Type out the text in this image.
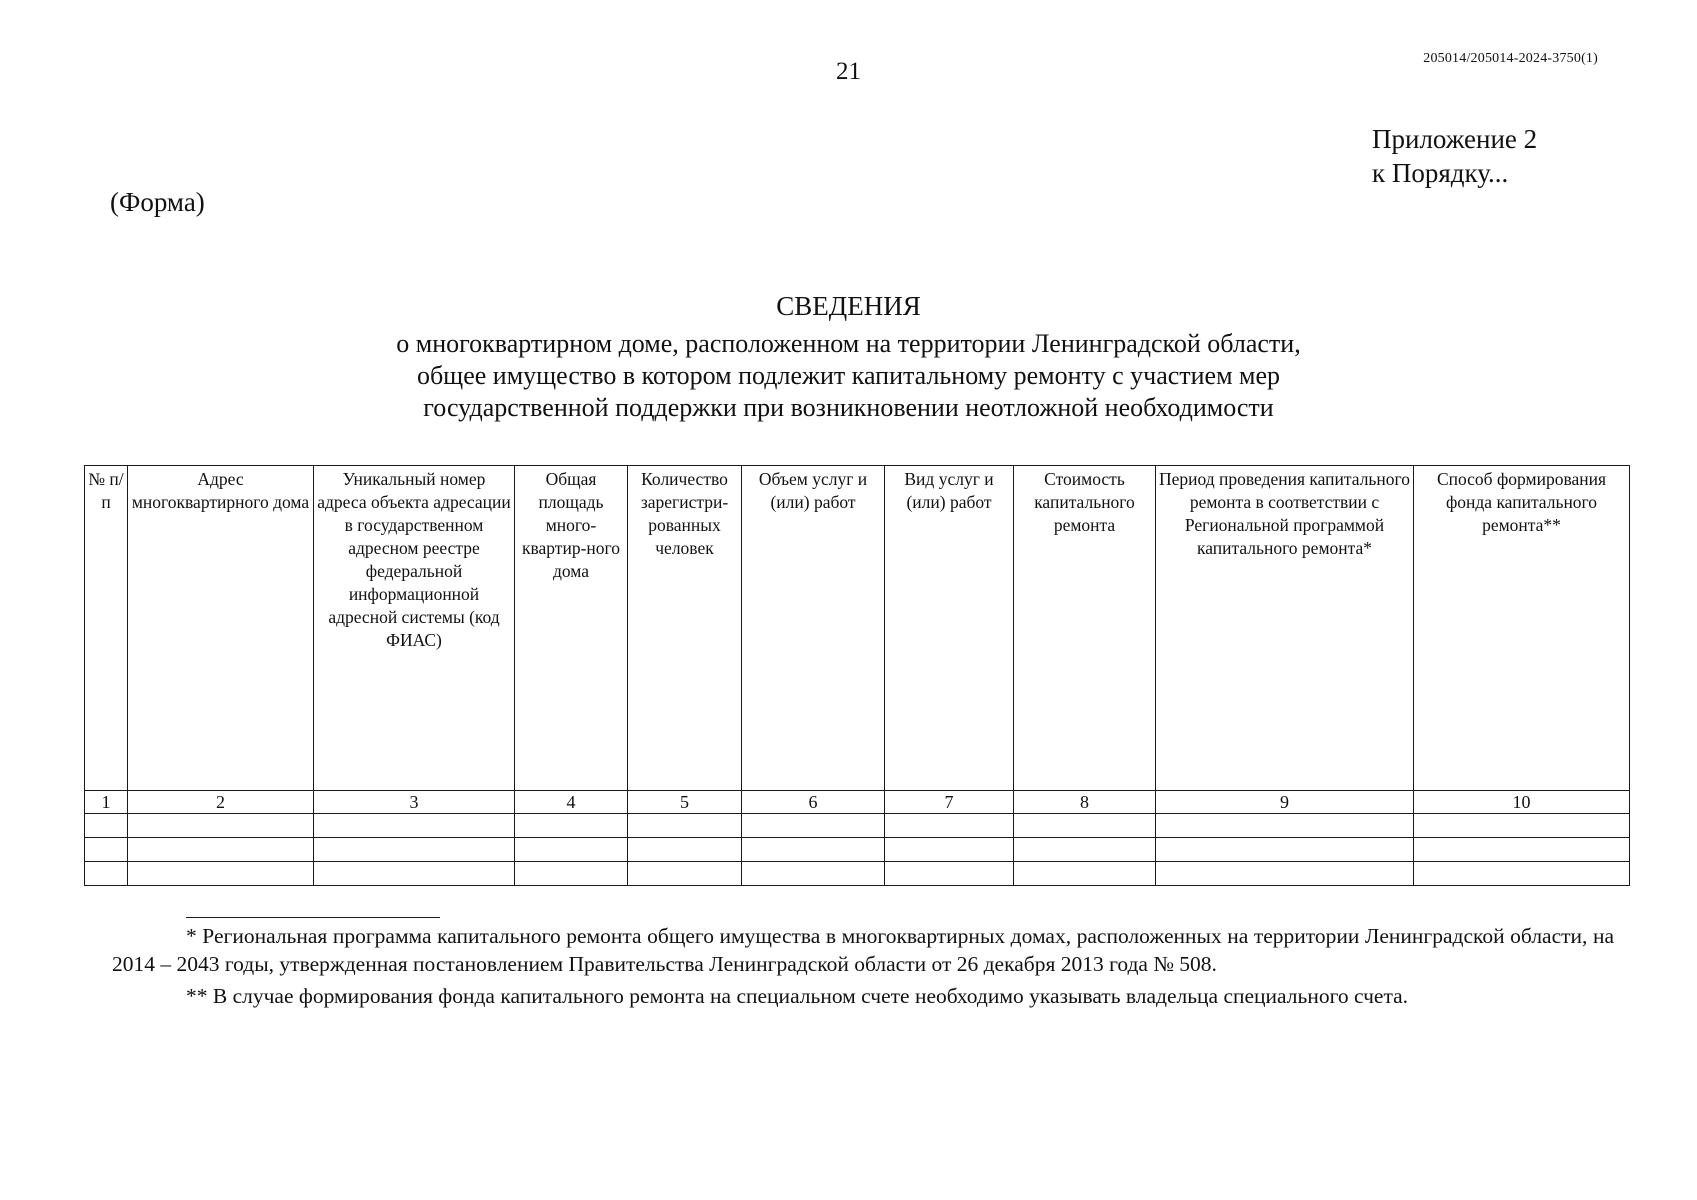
21	205014/205014-2024-3750(1)
Приложение 2
к Порядку...
(Форма)
СВЕДЕНИЯ
о многоквартирном доме, расположенном на территории Ленинградской области,
общее имущество в котором подлежит капитальному ремонту с участием мер
государственной поддержки при возникновении неотложной необходимости
№ п/п	Адрес многоквартирного дома	Уникальный номер адреса объекта адресации в государственном адресном реестре федеральной информационной адресной системы (код ФИАС)	Общая площадь много-квартир-ного дома	Количество зарегистри-рованных человек	Объем услуг и (или) работ	Вид услуг и (или) работ	Стоимость капитального ремонта	Период проведения капитального ремонта в соответствии с Региональной программой капитального ремонта*	Способ формирования фонда капитального ремонта**
1	2	3	4	5	6	7	8	9	10

* Региональная программа капитального ремонта общего имущества в многоквартирных домах, расположенных на территории Ленинградской области, на 2014 – 2043 годы, утвержденная постановлением Правительства Ленинградской области от 26 декабря 2013 года № 508.
** В случае формирования фонда капитального ремонта на специальном счете необходимо указывать владельца специального счета.
